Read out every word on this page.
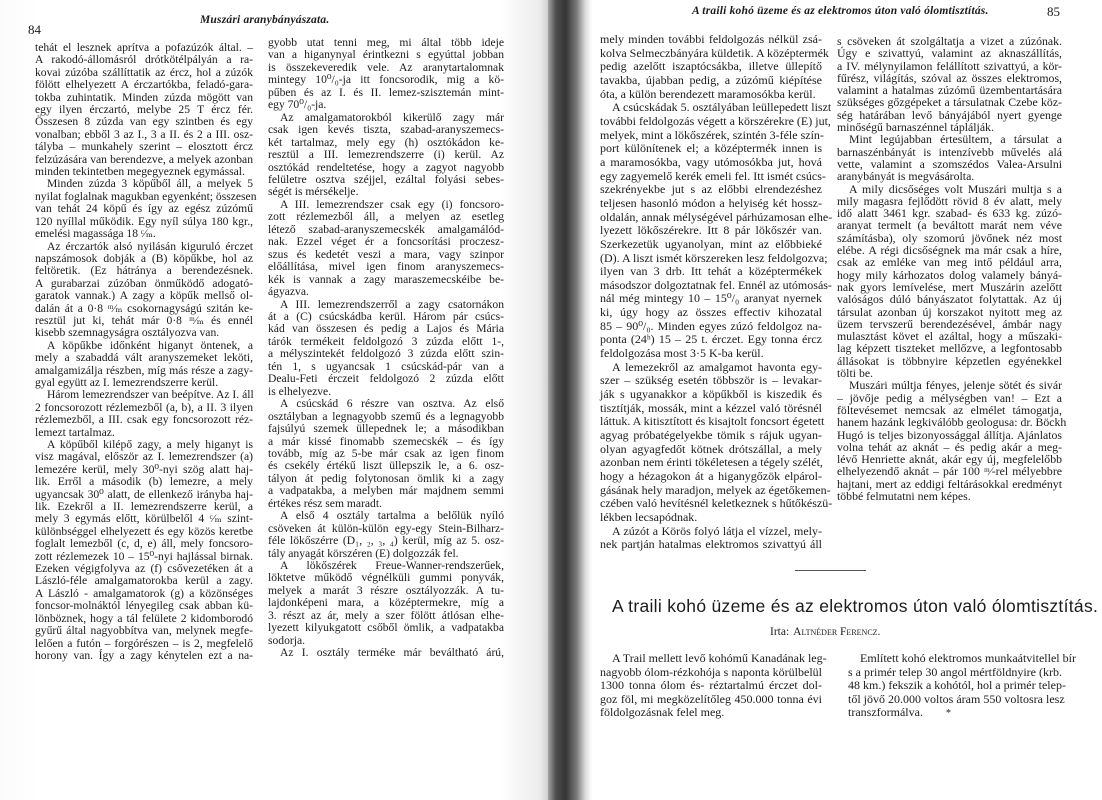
84
Muszári aranybányászata.
tehát el lesznek aprítva a pofazúzók által. –
A rakodó-állomásról drótkötélpályán a ra-
kovai zúzóba szállíttatik az ércz, hol a zúzók
fölött elhelyezett A érczartókba, feladó-gara-
tokba zuhintatik. Minden zúzda mögött van
egy ilyen érczartó, melybe 25 T ércz fér.
Összesen 8 zúzda van egy szintben és egy
vonalban; ebből 3 az I., 3 a II. és 2 a III. osz-
tályba – munkahely szerint – elosztott ércz
felzúzására van berendezve, a melyek azonban
minden tekintetben megegyeznek egymással.
Minden zúzda 3 köpűből áll, a melyek 5
nyilat foglalnak magukban egyenként; összesen
van tehát 24 köpű és így az egész zúzómű
120 nyíllal működik. Egy nyíl súlya 180 kgr.,
emelési magassága 18 ᶜ⁄ₘ.
Az érczartók alsó nyilásán kiguruló érczet
napszámosok dobják a (B) köpűkbe, hol az
feltöretik. (Ez hátránya a berendezésnek.
A gurabarzai zúzóban önműködő adogató-
garatok vannak.) A zagy a köpűk mellső ol-
dalán át a 0·8 ᵐ⁄ₘ csokornagyságú szitán ke-
resztül jut ki, tehát már 0·8 ᵐ⁄ₘ és ennél
kisebb szemnagyságra osztályozva van.
A köpűkbe időnként higanyt öntenek, a
mely a szabaddá vált aranyszemeket leköti,
amalgamizálja részben, míg más része a zagy-
gyal együtt az I. lemezrendszerre kerül.
Három lemezrendszer van beépítve. Az I. áll
2 foncsorozott rézlemezből (a, b), a II. 3 ilyen
rézlemezből, a III. csak egy foncsorozott réz-
lemezt tartalmaz.
A köpűből kilépő zagy, a mely higanyt is
visz magával, először az I. lemezrendszer (a)
lemezére kerül, mely 30⁰-nyi szög alatt haj-
lik. Erről a második (b) lemezre, a mely
ugyancsak 30⁰ alatt, de ellenkező irányba haj-
lik. Ezekről a II. lemezrendszerre kerül, a
mely 3 egymás előtt, körülbelől 4 ᶜ⁄ₘ szint-
különbséggel elhelyezett és egy közös keretbe
foglalt lemezből (c, d, e) áll, mely foncsoro-
zott rézlemezek 10 – 15⁰-nyi hajlással birnak.
Ezeken végigfolyva az (f) csővezetéken át a
László-féle amalgamatorokba kerül a zagy.
A László - amalgamatorok (g) a közönséges
foncsor-molnáktól lényegileg csak abban kü-
lönböznek, hogy a tál felülete 2 kidomborodó
gyűrű által nagyobbítva van, melynek megfe-
lelően a futón – forgórészen – is 2, megfelelő
horony van. Így a zagy kénytelen ezt a na-
gyobb utat tenni meg, mi által több ideje
van a higanynyal érintkezni s egyúttal jobban
is összekeveredik vele. Az aranytartalomnak
mintegy 10⁰/₀-ja itt foncsorodik, mig a kö-
pűben és az I. és II. lemez-szisztemán mint-
egy 70⁰/₀-ja.
Az amalgamatorokból kikerülő zagy már
csak igen kevés tiszta, szabad-aranyszemecs-
két tartalmaz, mely egy (h) osztókádon ke-
resztül a III. lemezrendszerre (i) kerül. Az
osztókád rendeltetése, hogy a zagyot nagyobb
felületre osztva széjjel, ezáltal folyási sebes-
ségét is mérsékelje.
A III. lemezrendszer csak egy (i) foncsoro-
zott rézlemezből áll, a melyen az esetleg
létező szabad-aranyszemecskék amalgamálód-
nak. Ezzel véget ér a foncsorítási proczesz-
szus és kedetét veszi a mara, vagy szinpor
előállítása, mivel igen finom aranyszemecs-
kék is vannak a zagy maraszemecskéibe be-
ágyazva.
A III. lemezrendszerről a zagy csatornákon
át a (C) csúcskádba kerül. Három pár csúcs-
kád van összesen és pedig a Lajos és Mária
tárók termékeit feldolgozó 3 zúzda előtt 1-,
a mélyszintekét feldolgozó 3 zúzda előtt szin-
tén 1, s ugyancsak 1 csúcskád-pár van a
Dealu-Feti érczeit feldolgozó 2 zúzda előtt
is elhelyezve.
A csúcskád 6 részre van osztva. Az első
osztályban a legnagyobb szemű és a legnagyobb
fajsúlyú szemek üllepednek le; a másodikban
a már kissé finomabb szemecskék – és így
tovább, míg az 5-be már csak az igen finom
és csekély értékű liszt üllepszik le, a 6. osz-
tályon át pedig folytonosan ömlik ki a zagy
a vadpatakba, a melyben már majdnem semmi
értékes rész sem maradt.
A első 4 osztály tartalma a belőlük nyíló
csöveken át külön-külön egy-egy Stein-Bilharz-
féle lökőszérre (D₁, ₂, ₃, ₄) kerül, míg az 5. osz-
tály anyagát körszéren (E) dolgozzák fel.
A lökőszérek Freue-Wanner-rendszerűek,
löktetve működő végnélküli gummi ponyvák,
melyek a marát 3 részre osztályozzák. A tu-
lajdonképeni mara, a középtermekre, míg a
3. részt az ár, mely a szer fölött átlósan elhe-
lyezett kilyukgatott csőből ömlik, a vadpatakba
sodorja.
Az I. osztály terméke már beváltható árú,
A traili kohó üzeme és az elektromos úton való ólomtisztítás.	85
mely minden további feldolgozás nélkül zsá-
kolva Selmeczbányára küldetik. A középtermék
pedig azelőtt iszaptócsákba, illetve üllepítő
tavakba, újabban pedig, a zúzómű kiépítése
óta, a külön berendezett maramosókba kerül.
A csúcskádak 5. osztályában leüllepedett liszt
további feldolgozás végett a körszérekre (E) jut,
melyek, mint a lökőszérek, szintén 3-féle szín-
port különítenek el; a középtermék innen is
a maramosókba, vagy utómosókba jut, hová
egy zagyemelő kerék emeli fel. Itt ismét csúcs-
szekrényekbe jut s az előbbi elrendezéshez
teljesen hasonló módon a helyiség két hossz-
oldalán, annak mélységével párhúzamosan elhe-
lyezett lökőszérekre. Itt 8 pár lökőszér van.
Szerkezetük ugyanolyan, mint az előbbieké
(D). A liszt ismét körszereken lesz feldolgozva;
ilyen van 3 drb. Itt tehát a középtermékek
másodszor dolgoztatnak fel. Ennél az utómosás-
nál még mintegy 10 – 15⁰/₀ aranyat nyernek
ki, úgy hogy az összes effectiv kihozatal
85 – 90⁰/₀. Minden egyes zúzó feldolgoz na-
ponta (24ʰ) 15 – 25 t. érczet. Egy tonna ércz
feldolgozása most 3·5 K-ba kerül.
A lemezekről az amalgamot havonta egy-
szer – szükség esetén többször is – levakar-
ják s ugyanakkor a köpűkből is kiszedik és
tisztítják, mossák, mint a kézzel való törésnél
láttuk. A kitisztított és kisajtolt foncsort égetett
agyag próbatégelyekbe tömik s rájuk ugyan-
olyan agyagfedőt kötnek drótszállal, a mely
azonban nem érinti tökéletesen a tégely szélét,
hogy a hézagokon át a higanygőzök elpárol-
gásának hely maradjon, melyek az égetőkemen-
czében való hevítésnél keletkeznek s hűtőkészü-
lékben lecsapódnak.
A zúzót a Körös folyó látja el vízzel, mely-
nek partján hatalmas elektromos szivattyú áll
s csöveken át szolgáltatja a vizet a zúzónak.
Úgy e szivattyú, valamint az aknaszállítás,
a IV. mélynyilamon felállított szivattyú, a kör-
fűrész, világítás, szóval az összes elektromos,
valamint a hatalmas zúzómű üzembentartására
szükséges gőzgépeket a társulatnak Czebe köz-
ség határában levő bányájából nyert gyenge
minőségű barnaszénnel táplálják.
Mint legújabban értesültem, a társulat a
barnaszénbányát is intenzívebb művelés alá
vette, valamint a szomszédos Valea-Arsulni
aranybányát is megvásárolta.
A mily dicsőséges volt Muszári multja s a
mily magasra fejlődött rövid 8 év alatt, mely
idő alatt 3461 kgr. szabad- és 633 kg. zúzó-
aranyat termelt (a beváltott marát nem véve
számításba), oly szomorú jövőnek néz most
elébe. A régi dicsőségnek ma már csak a híre,
csak az emléke van meg intő például arra,
hogy mily kárhozatos dolog valamely bányá-
nak gyors lemívelése, mert Muszárin azelőtt
valóságos dúló bányászatot folytattak. Az új
társulat azonban új korszakot nyitott meg az
üzem tervszerű berendezésével, ámbár nagy
mulasztást követ el azáltal, hogy a műszaki-
lag képzett tiszteket mellőzve, a legfontosabb
állásokat is többnyire képzetlen egyénekkel
tölti be.
Muszári múltja fényes, jelenje sötét és sivár
– jövője pedig a mélységben van! – Ezt a
föltevésemet nemcsak az elmélet támogatja,
hanem hazánk legkiválóbb geologusa: dr. Böckh
Hugó is teljes bizonyossággal állítja. Ajánlatos
volna tehát az aknát – és pedig akár a meg-
lévő Henriette aknát, akár egy új, megfelelőbb
elhelyezendő aknát – pár 100 ᵐ⁄-rel mélyebbre
hajtani, mert az eddigi feltárásokkal eredményt
többé felmutatni nem képes.
A traili kohó üzeme és az elektromos úton való ólomtisztítás.
Irta: Altnéder Ferencz.
A Trail mellett levő kohómű Kanadának leg-
nagyobb ólom-rézkohója s naponta körülbelül
1300 tonna ólom és- réztartalmú érczet dol-
goz föl, mi megközelítőleg 450.000 tonna évi
földolgozásnak felel meg.
Említett kohó elektromos munkaátvitellel bír
s a primér telep 30 angol mértföldnyire (krb.
48 km.) fekszik a kohótól, hol a primér telep-
től jövő 20.000 voltos áram 550 voltosra lesz
transzformálva.	*
